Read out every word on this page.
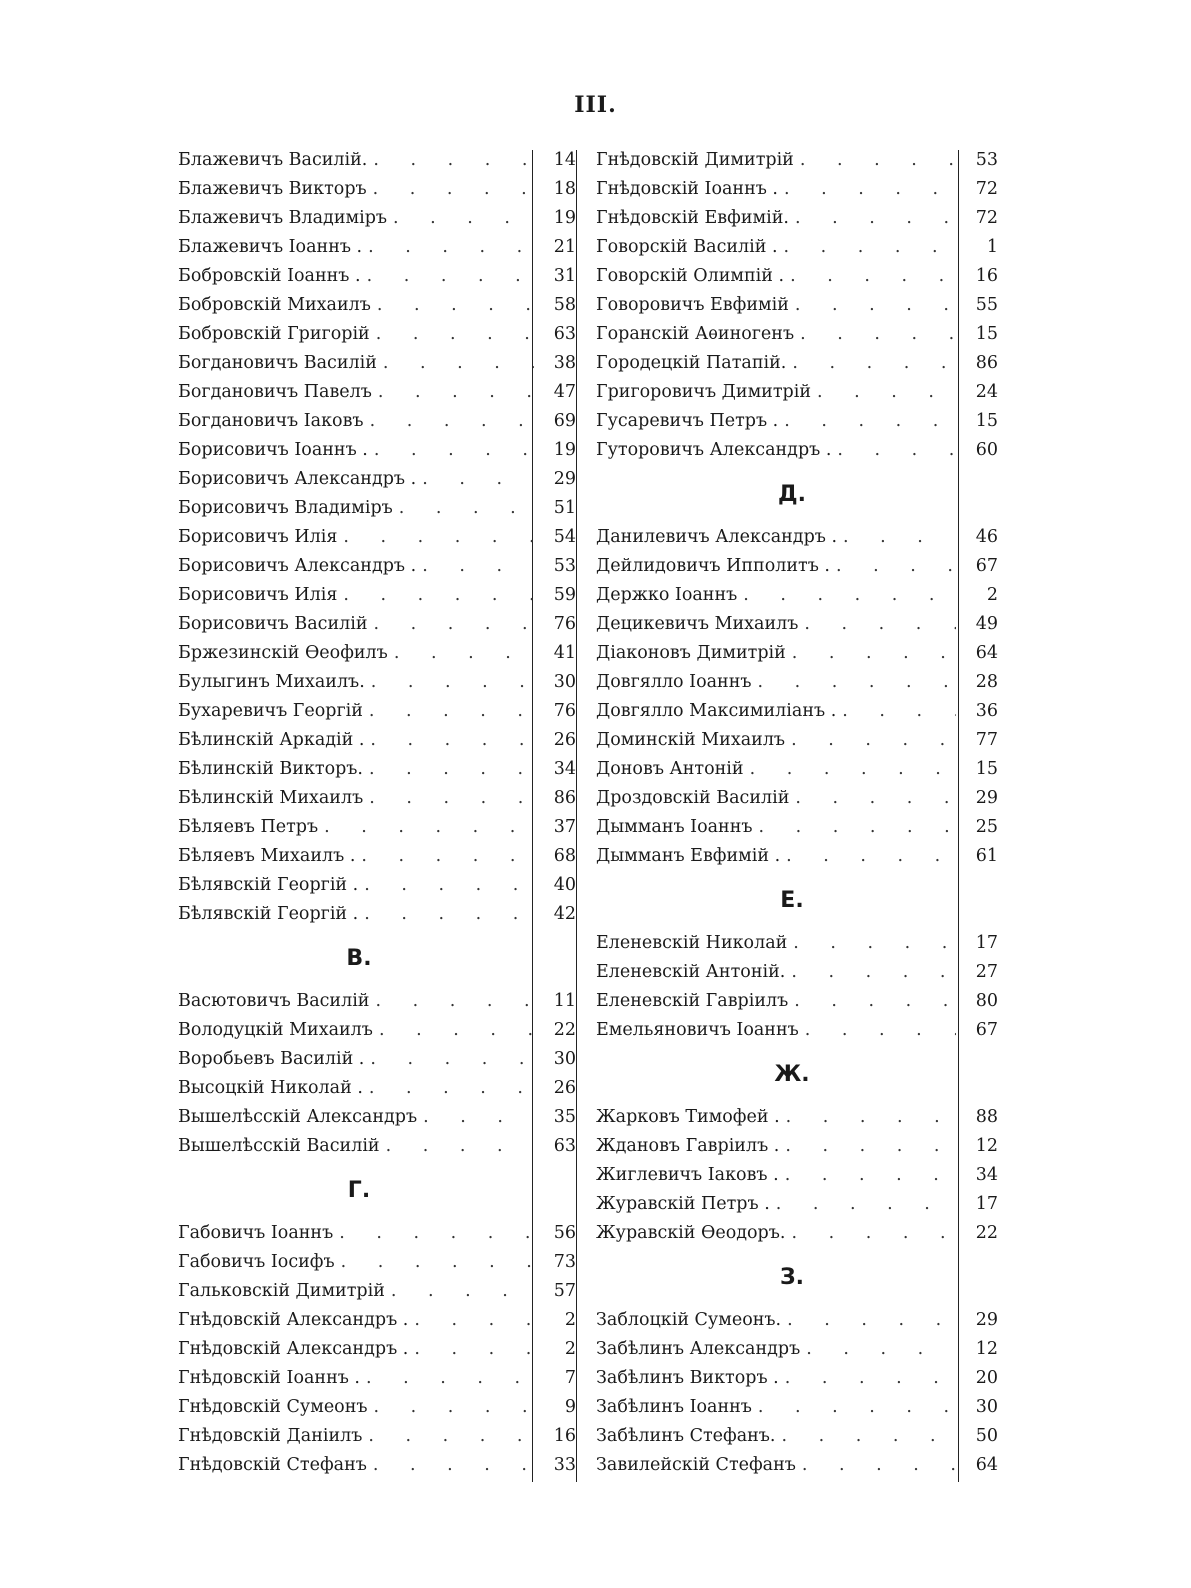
III.
Блажевичъ Василій. . . .	14
Блажевичъ Викторъ . . .	18
Блажевичъ Владиміръ . . .	19
Блажевичъ Іоаннъ . . . .	21
Бобровскій Іоаннъ . . . .	31
Бобровскій Михаилъ . . .	58
Бобровскій Григорій . . .	63
Богдановичъ Василій . . .	38
Богдановичъ Павелъ . . .	47
Богдановичъ Іаковъ . . .	69
Борисовичъ Іоаннъ . . . .	19
Борисовичъ Александръ . . . .	29
Борисовичъ Владиміръ . . .	51
Борисовичъ Илія . . .	54
Борисовичъ Александръ . . . .	53
Борисовичъ Илія . . .	59
Борисовичъ Василій . . .	76
Бржезинскій Ѳеофилъ . . .	41
Булыгинъ Михаилъ. . . .	30
Бухаревичъ Георгій . . .	76
Бѣлинскій Аркадій . . . .	26
Бѣлинскій Викторъ. . . .	34
Бѣлинскій Михаилъ . . .	86
Бѣляевъ Петръ . . .	37
Бѣляевъ Михаилъ . . . .	68
Бѣлявскій Георгій . . . .	40
Бѣлявскій Георгій . . . .	42
В.
Васютовичъ Василій . . .	11
Володуцкій Михаилъ . . .	22
Воробьевъ Василій . . . .	30
Высоцкій Николай . . . .	26
Вышелѣсскій Александръ . . .	35
Вышелѣсскій Василій . . .	63
Г.
Габовичъ Іоаннъ . . .	56
Габовичъ Іосифъ . . .	73
Гальковскій Димитрій . . .	57
Гнѣдовскій Александръ . . . .	2
Гнѣдовскій Александръ . . . .	2
Гнѣдовскій Іоаннъ . . . .	7
Гнѣдовскій Сумеонъ . . .	9
Гнѣдовскій Даніилъ . . .	16
Гнѣдовскій Стефанъ . . .	33
Гнѣдовскій Димитрій . . .	53
Гнѣдовскій Іоаннъ . . . .	72
Гнѣдовскій Евфимій. . . .	72
Говорскій Василій . . . .	1
Говорскій Олимпій . . . .	16
Говоровичъ Евфимій . . .	55
Горанскій Аѳиногенъ . . .	15
Городецкій Патапій. . . .	86
Григоровичъ Димитрій . . .	24
Гусаревичъ Петръ . . . .	15
Гуторовичъ Александръ . . . .	60
Д.
Данилевичъ Александръ . . . .	46
Дейлидовичъ Ипполитъ . . . .	67
Держко Іоаннъ . . .	2
Децикевичъ Михаилъ . . .	49
Діаконовъ Димитрій . . .	64
Довгялло Іоаннъ . . .	28
Довгялло Максимиліанъ . . . .	36
Доминскій Михаилъ . . .	77
Доновъ Антоній . . .	15
Дроздовскій Василій . . .	29
Дымманъ Іоаннъ . . .	25
Дымманъ Евфимій . . . .	61
Е.
Еленевскій Николай . . .	17
Еленевскій Антоній. . . .	27
Еленевскій Гавріилъ . . .	80
Емельяновичъ Іоаннъ . . .	67
Ж.
Жарковъ Тимофей . . . .	88
Ждановъ Гавріилъ . . . .	12
Жиглевичъ Іаковъ . . . .	34
Журавскій Петръ . . . .	17
Журавскій Ѳеодоръ. . . .	22
З.
Заблоцкій Сумеонъ. . . .	29
Забѣлинъ Александръ . . .	12
Забѣлинъ Викторъ . . . .	20
Забѣлинъ Іоаннъ . . .	30
Забѣлинъ Стефанъ. . . .	50
Завилейскій Стефанъ . . .	64
